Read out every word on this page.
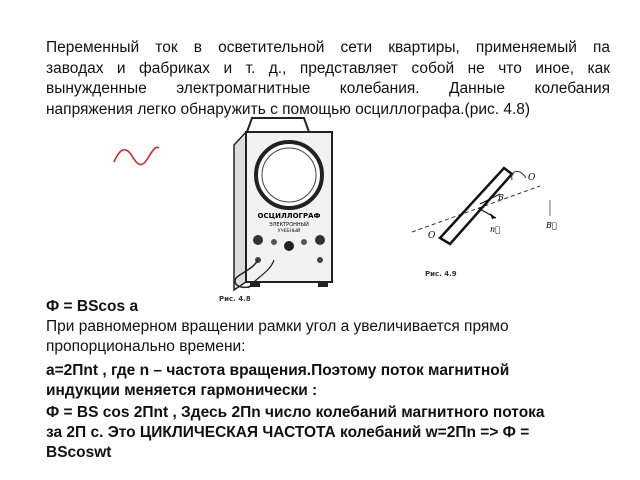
Переменный ток в осветительной сети квартиры, применяемый па
заводах и фабриках и т. д., представляет собой не что иное, как
вынужденные электромагнитные колебания. Данные колебания
напряжения легко обнаружить с помощью осциллографа.(рис. 4.8)
ОСЦИЛЛОГРАФ
ЭЛЕКТРОННЫЙ
УЧЕБНЫЙ
Рис. 4.8
О
О
B
n⃗	B⃗
Рис. 4.9
Ф = BScos a
При равномерном вращении рамки угол a увеличивается прямо
пропорционально времени:
a=2Пnt , где n – частота вращения.Поэтому поток магнитной
индукции меняется гармонически :
Ф = BS cos 2Пnt , Здесь 2Пn число колебаний магнитного потока
за 2П с. Это ЦИКЛИЧЕСКАЯ ЧАСТОТА колебаний w=2Пn => Ф =
BScoswt
